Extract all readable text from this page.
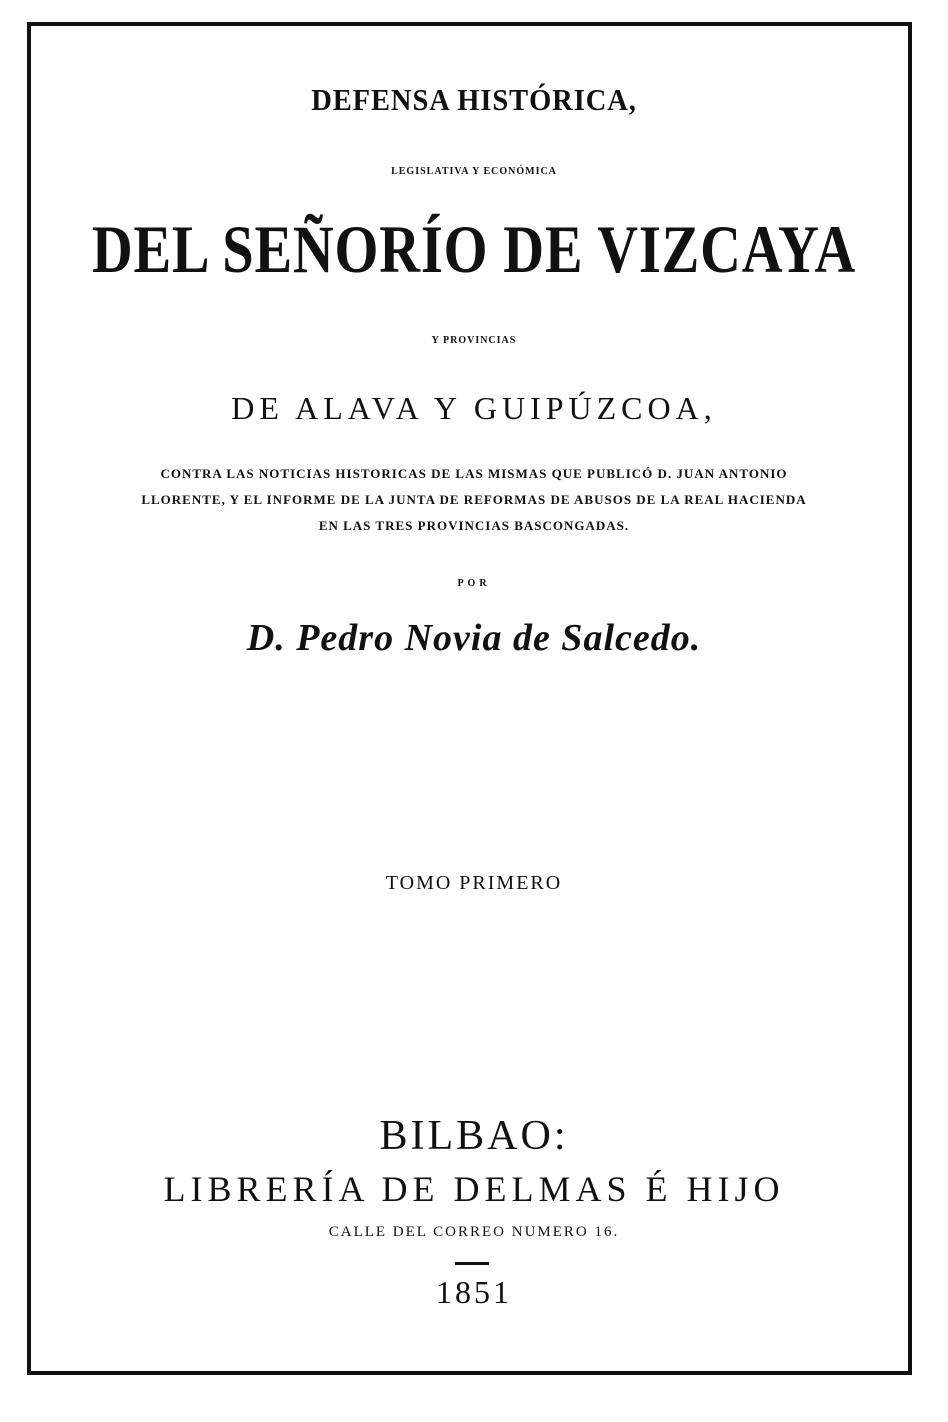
DEFENSA HISTÓRICA,
LEGISLATIVA Y ECONÓMICA
DEL SEÑORÍO DE VIZCAYA
Y PROVINCIAS
DE ALAVA Y GUIPÚZCOA,
CONTRA LAS NOTICIAS HISTORICAS DE LAS MISMAS QUE PUBLICÓ D. JUAN ANTONIO
LLORENTE, Y EL INFORME DE LA JUNTA DE REFORMAS DE ABUSOS DE LA REAL HACIENDA
EN LAS TRES PROVINCIAS BASCONGADAS.
POR
D. Pedro Novia de Salcedo.
TOMO PRIMERO
BILBAO:
LIBRERÍA DE DELMAS É HIJO
CALLE DEL CORREO NUMERO 16.
1851
